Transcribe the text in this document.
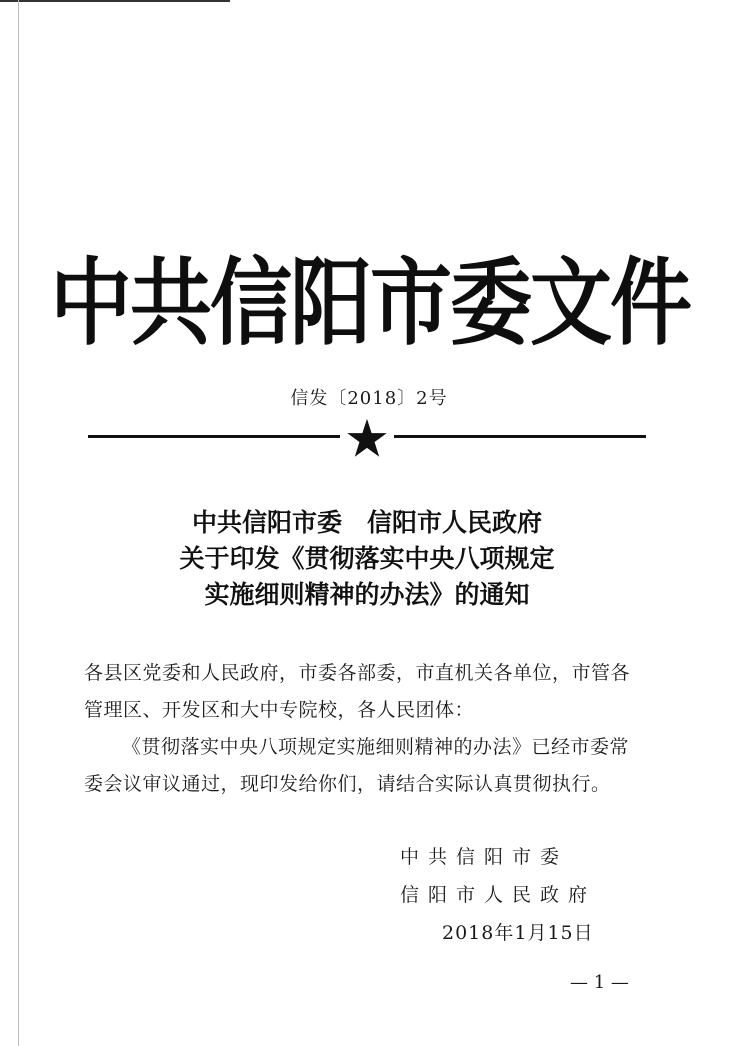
中共信阳市委文件
信发〔2018〕2号
中共信阳市委　信阳市人民政府
关于印发《贯彻落实中央八项规定
实施细则精神的办法》的通知

各县区党委和人民政府，市委各部委，市直机关各单位，市管各管理区、开发区和大中专院校，各人民团体：

《贯彻落实中央八项规定实施细则精神的办法》已经市委常委会议审议通过，现印发给你们，请结合实际认真贯彻执行。

中共信阳市委
信阳市人民政府
2018年1月15日
— 1 —
